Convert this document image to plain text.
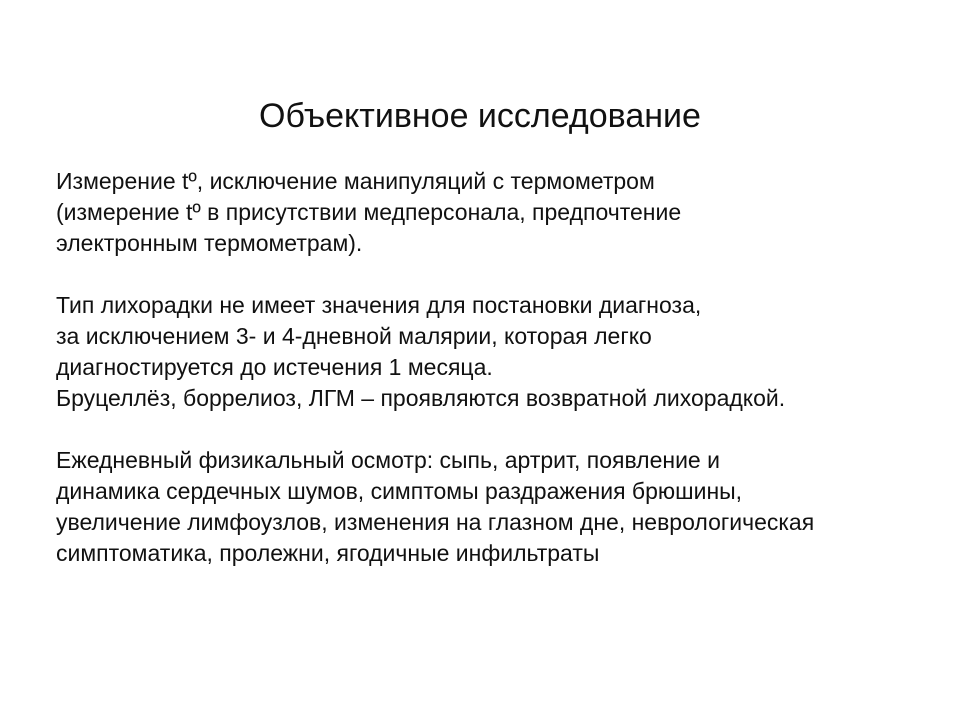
Объективное исследование

Измерение tº, исключение манипуляций с термометром
(измерение tº в присутствии медперсонала, предпочтение
электронным термометрам).

Тип лихорадки не имеет значения для постановки диагноза,
за исключением 3- и 4-дневной малярии, которая легко
диагностируется до истечения 1 месяца.
Бруцеллёз, боррелиоз, ЛГМ – проявляются возвратной лихорадкой.

Ежедневный физикальный осмотр: сыпь, артрит, появление и
динамика сердечных шумов, симптомы раздражения брюшины,
увеличение лимфоузлов, изменения на глазном дне, неврологическая
симптоматика, пролежни, ягодичные инфильтраты
